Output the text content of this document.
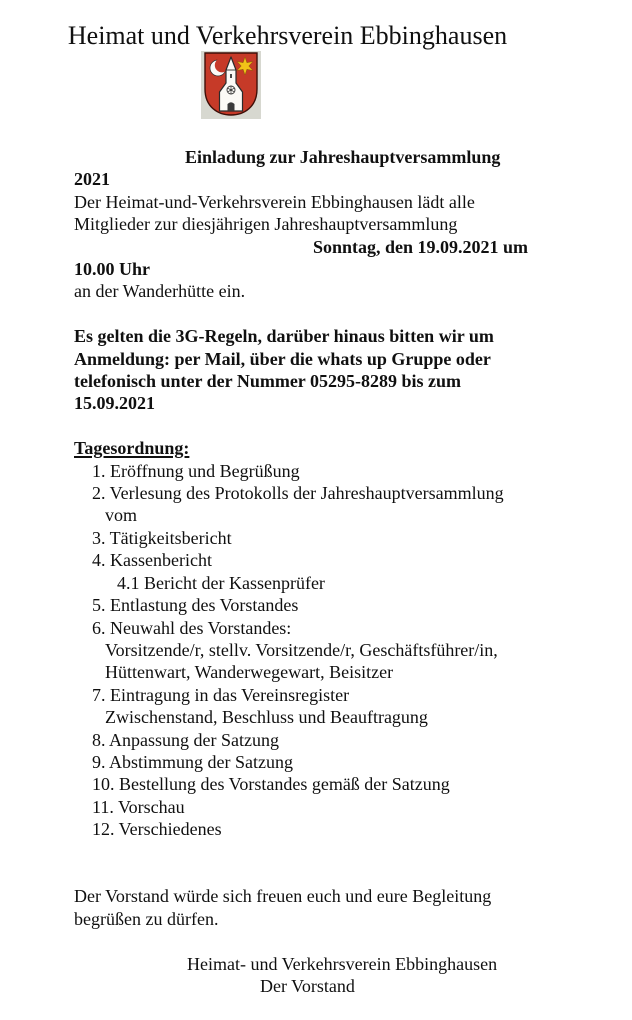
Heimat und Verkehrsverein Ebbinghausen
Einladung zur Jahreshauptversammlung
2021
Der Heimat-und-Verkehrsverein Ebbinghausen lädt alle
Mitglieder zur diesjährigen Jahreshauptversammlung
Sonntag, den 19.09.2021 um
10.00 Uhr
an der Wanderhütte ein.
Es gelten die 3G-Regeln, darüber hinaus bitten wir um
Anmeldung: per Mail, über die whats up Gruppe oder
telefonisch unter der Nummer 05295-8289 bis zum
15.09.2021
Tagesordnung:
1. Eröffnung und Begrüßung
2. Verlesung des Protokolls der Jahreshauptversammlung
vom
3. Tätigkeitsbericht
4. Kassenbericht
4.1 Bericht der Kassenprüfer
5. Entlastung des Vorstandes
6. Neuwahl des Vorstandes:
Vorsitzende/r, stellv. Vorsitzende/r, Geschäftsführer/in,
Hüttenwart, Wanderwegewart, Beisitzer
7. Eintragung in das Vereinsregister
Zwischenstand, Beschluss und Beauftragung
8. Anpassung der Satzung
9. Abstimmung der Satzung
10. Bestellung des Vorstandes gemäß der Satzung
11. Vorschau
12. Verschiedenes
Der Vorstand würde sich freuen euch und eure Begleitung
begrüßen zu dürfen.
Heimat- und Verkehrsverein Ebbinghausen
Der Vorstand
